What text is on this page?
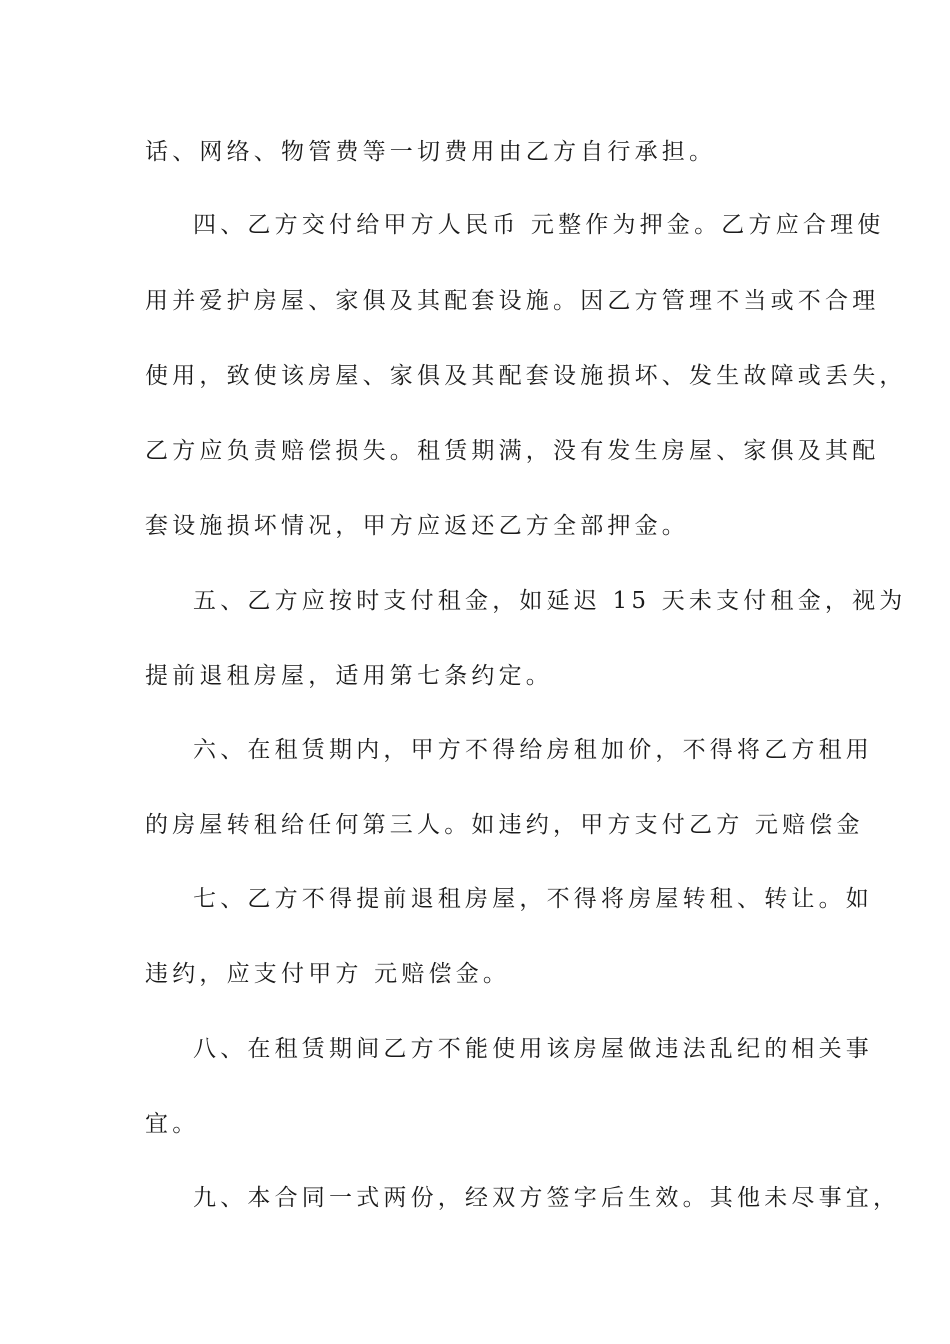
话、网络、物管费等一切费用由乙方自行承担。
四、乙方交付给甲方人民币 元整作为押金。乙方应合理使
用并爱护房屋、家俱及其配套设施。因乙方管理不当或不合理
使用，致使该房屋、家俱及其配套设施损坏、发生故障或丢失，
乙方应负责赔偿损失。租赁期满，没有发生房屋、家俱及其配
套设施损坏情况，甲方应返还乙方全部押金。
五、乙方应按时支付租金，如延迟 15 天未支付租金，视为
提前退租房屋，适用第七条约定。
六、在租赁期内，甲方不得给房租加价，不得将乙方租用
的房屋转租给任何第三人。如违约，甲方支付乙方 元赔偿金
七、乙方不得提前退租房屋，不得将房屋转租、转让。如
违约，应支付甲方 元赔偿金。
八、在租赁期间乙方不能使用该房屋做违法乱纪的相关事
宜。
九、本合同一式两份，经双方签字后生效。其他未尽事宜，
